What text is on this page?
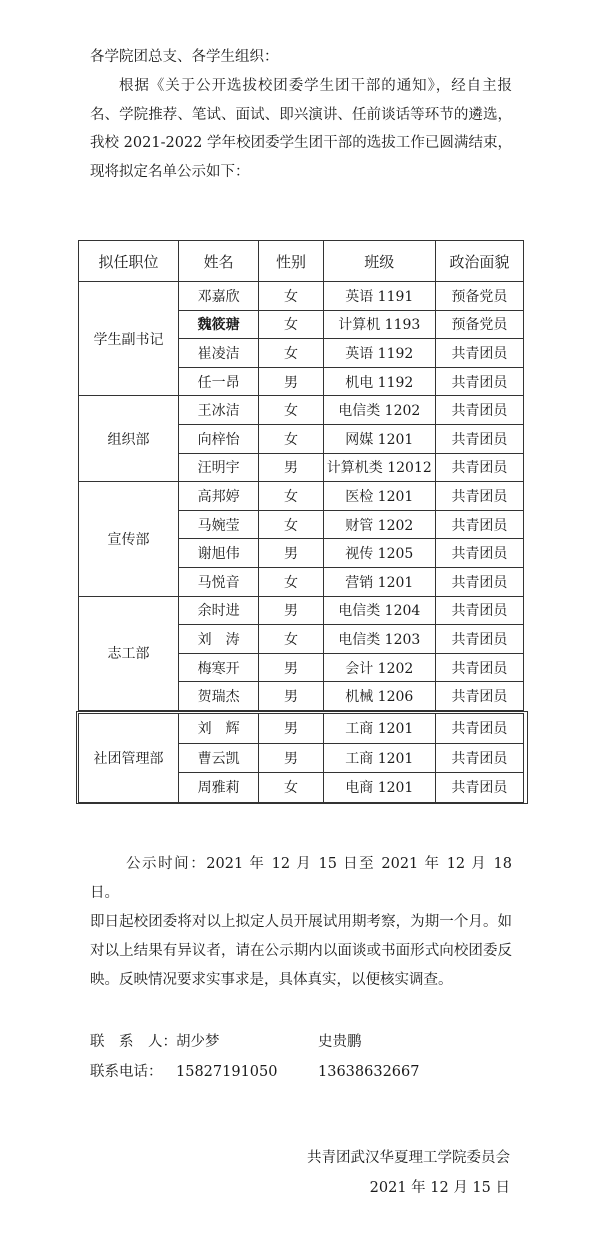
各学院团总支、各学生组织：
根据《关于公开选拔校团委学生团干部的通知》，经自主报名、学院推荐、笔试、面试、即兴演讲、任前谈话等环节的遴选，我校 2021-2022 学年校团委学生团干部的选拔工作已圆满结束，现将拟定名单公示如下：
拟任职位	姓名	性别	班级	政治面貌
学生副书记	邓嘉欣	女	英语 1191	预备党员
	魏筱瑭	女	计算机 1193	预备党员
	崔凌洁	女	英语 1192	共青团员
	任一昂	男	机电 1192	共青团员
组织部	王冰洁	女	电信类 1202	共青团员
	向梓怡	女	网媒 1201	共青团员
	汪明宇	男	计算机类 12012	共青团员
宣传部	高邦婷	女	医检 1201	共青团员
	马婉莹	女	财管 1202	共青团员
	谢旭伟	男	视传 1205	共青团员
	马悦音	女	营销 1201	共青团员
志工部	余时进	男	电信类 1204	共青团员
	刘　涛	女	电信类 1203	共青团员
	梅寒开	男	会计 1202	共青团员
	贺瑞杰	男	机械 1206	共青团员
社团管理部	刘　辉	男	工商 1201	共青团员
	曹云凯	男	工商 1201	共青团员
	周雅莉	女	电商 1201	共青团员
公示时间：2021 年 12 月 15 日至 2021 年 12 月 18 日。
即日起校团委将对以上拟定人员开展试用期考察，为期一个月。如对以上结果有异议者，请在公示期内以面谈或书面形式向校团委反映。反映情况要求实事求是，具体真实，以便核实调查。
联　系　人： 胡少梦	史贵鹏
联系电话： 15827191050	13638632667
共青团武汉华夏理工学院委员会
2021 年 12 月 15 日
